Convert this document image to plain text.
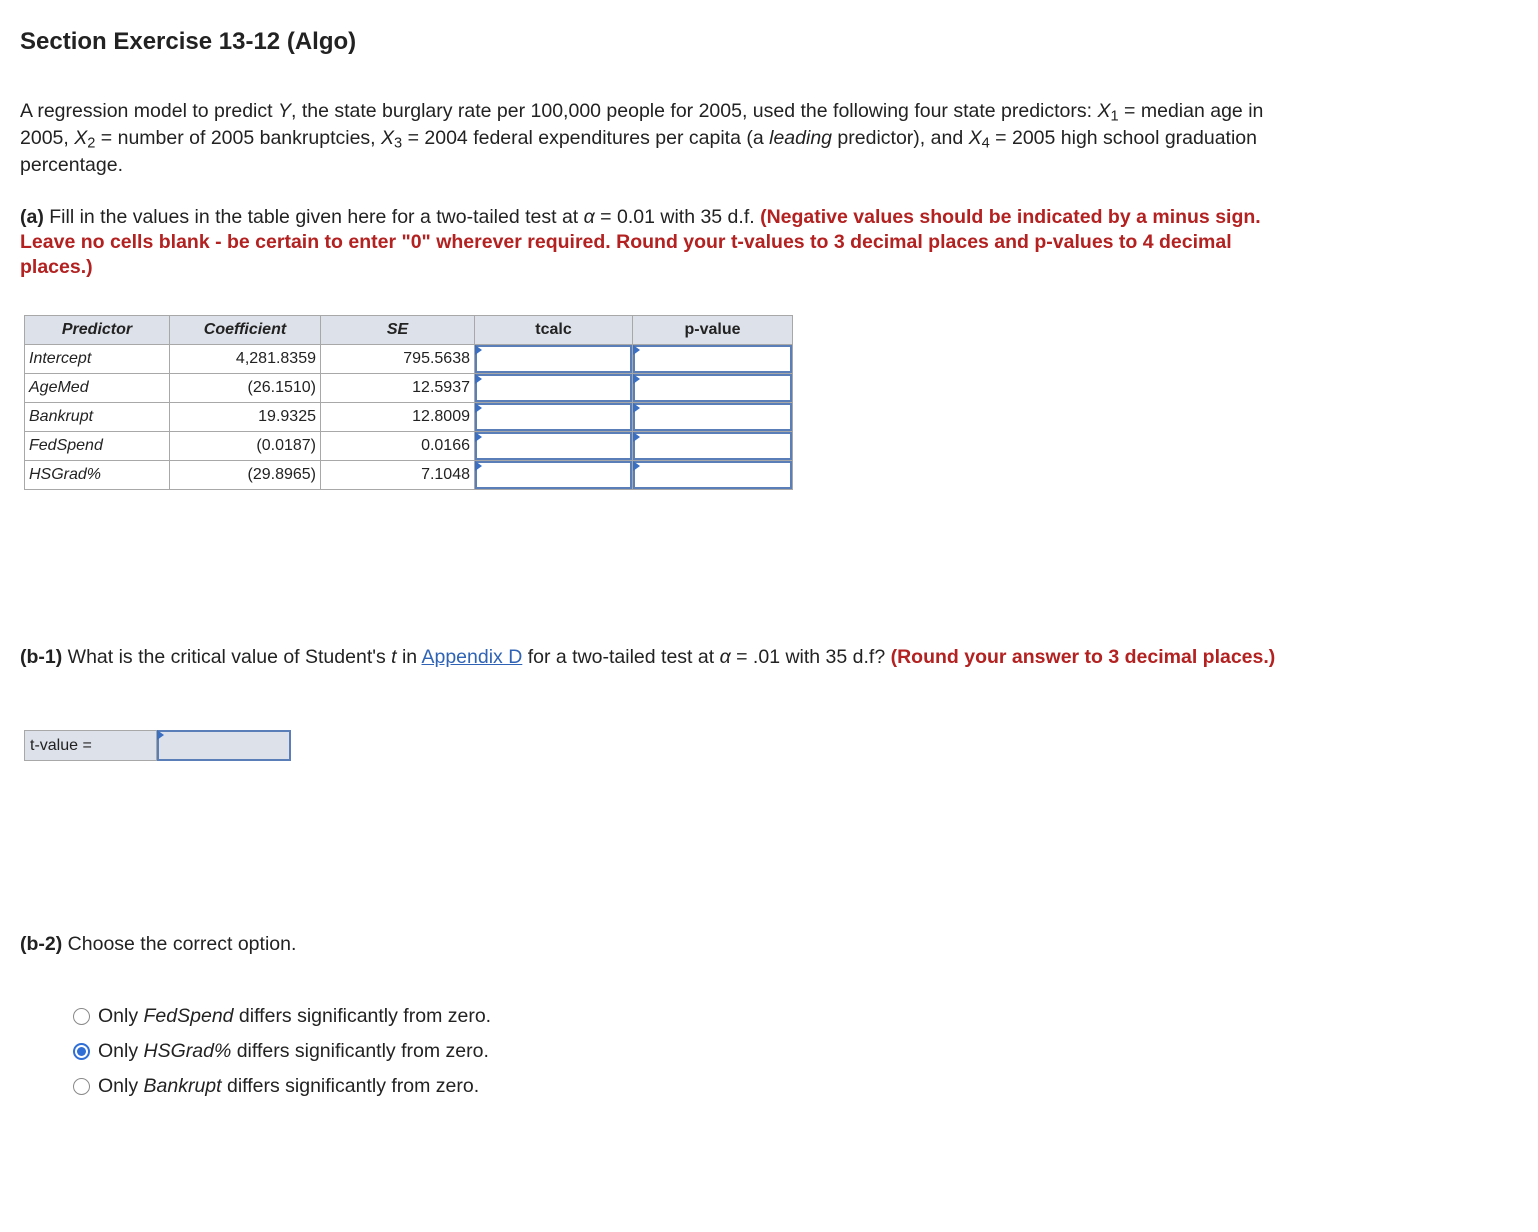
Section Exercise 13-12 (Algo)
A regression model to predict Y, the state burglary rate per 100,000 people for 2005, used the following four state predictors: $X_1$ = median age in 2005, $X_2$ = number of 2005 bankruptcies, $X_3 = 2004$ federal expenditures per capita (a leading predictor), and $X_4 = 2005$ high school graduation percentage.
(a) Fill in the values in the table given here for a two-tailed test at α = 0.01 with 35 d.f. (Negative values should be indicated by a minus sign. Leave no cells blank - be certain to enter "0" wherever required. Round your t-values to 3 decimal places and p-values to 4 decimal places.)
Predictor	Coefficient	SE	tcalc	p-value
Intercept	4,281.8359	795.5638	

AgeMed	(26.1510)	12.5937	

Bankrupt	19.9325	12.8009	

FedSpend	(0.0187)	0.0166	

HSGrad%	(29.8965)	7.1048	

(b-1) What is the critical value of Student's t in Appendix D for a two-tailed test at α = .01 with 35 d.f? (Round your answer to 3 decimal places.)
t-value =
(b-2) Choose the correct option.
Only FedSpend differs significantly from zero.
Only HSGrad% differs significantly from zero.
Only Bankrupt differs significantly from zero.
